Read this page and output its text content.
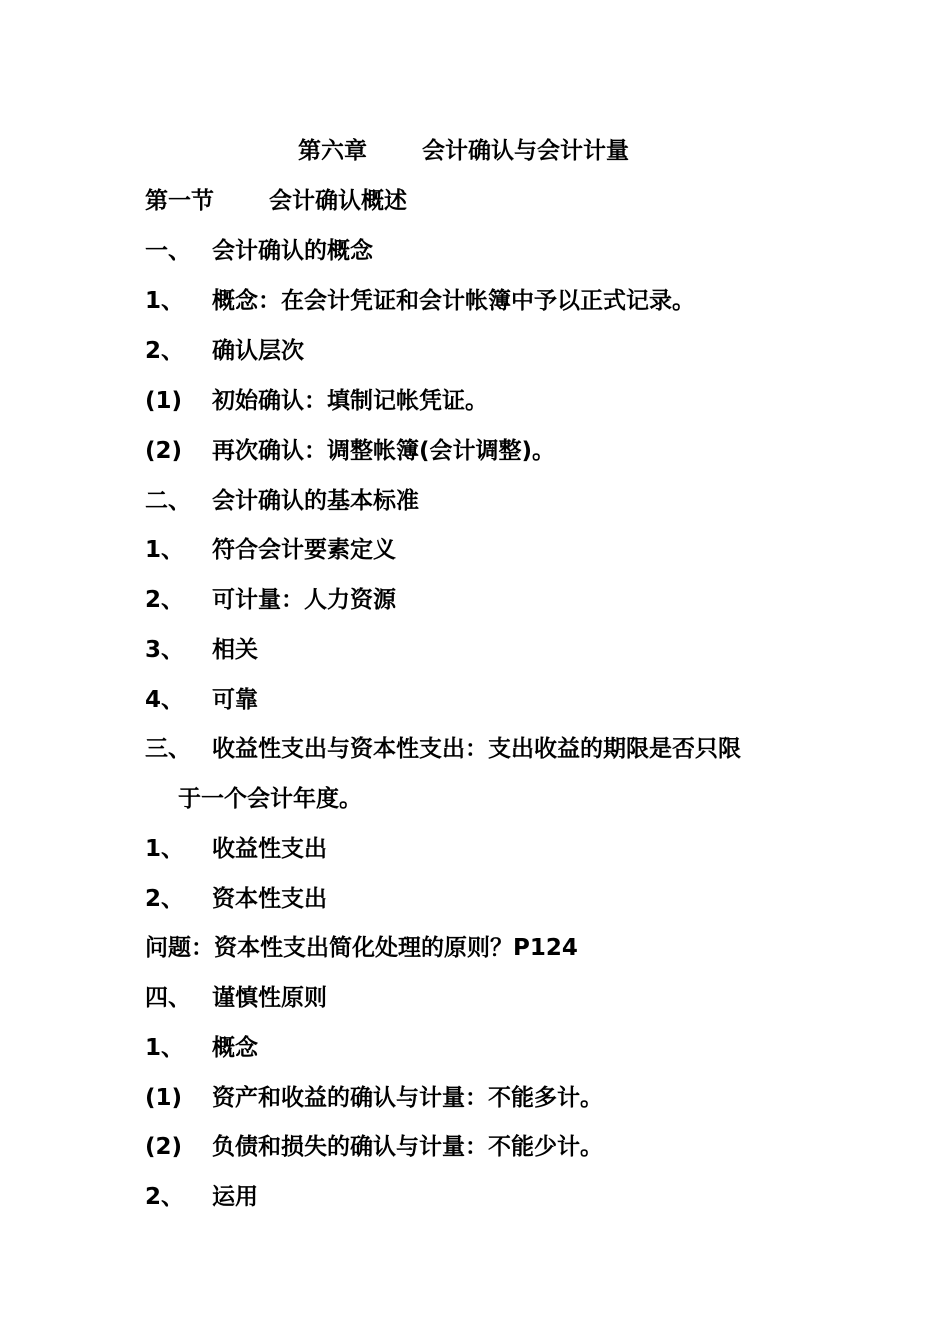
第六章 会计确认与会计计量
第一节 会计确认概述
一、 会计确认的概念
1、 概念：在会计凭证和会计帐簿中予以正式记录。
2、 确认层次
(1) 初始确认：填制记帐凭证。
(2) 再次确认：调整帐簿(会计调整)。
二、 会计确认的基本标准
1、 符合会计要素定义
2、 可计量：人力资源
3、 相关
4、 可靠
三、 收益性支出与资本性支出：支出收益的期限是否只限
于一个会计年度。
1、 收益性支出
2、 资本性支出
问题：资本性支出简化处理的原则？P124
四、 谨慎性原则
1、 概念
(1) 资产和收益的确认与计量：不能多计。
(2) 负债和损失的确认与计量：不能少计。
2、 运用
